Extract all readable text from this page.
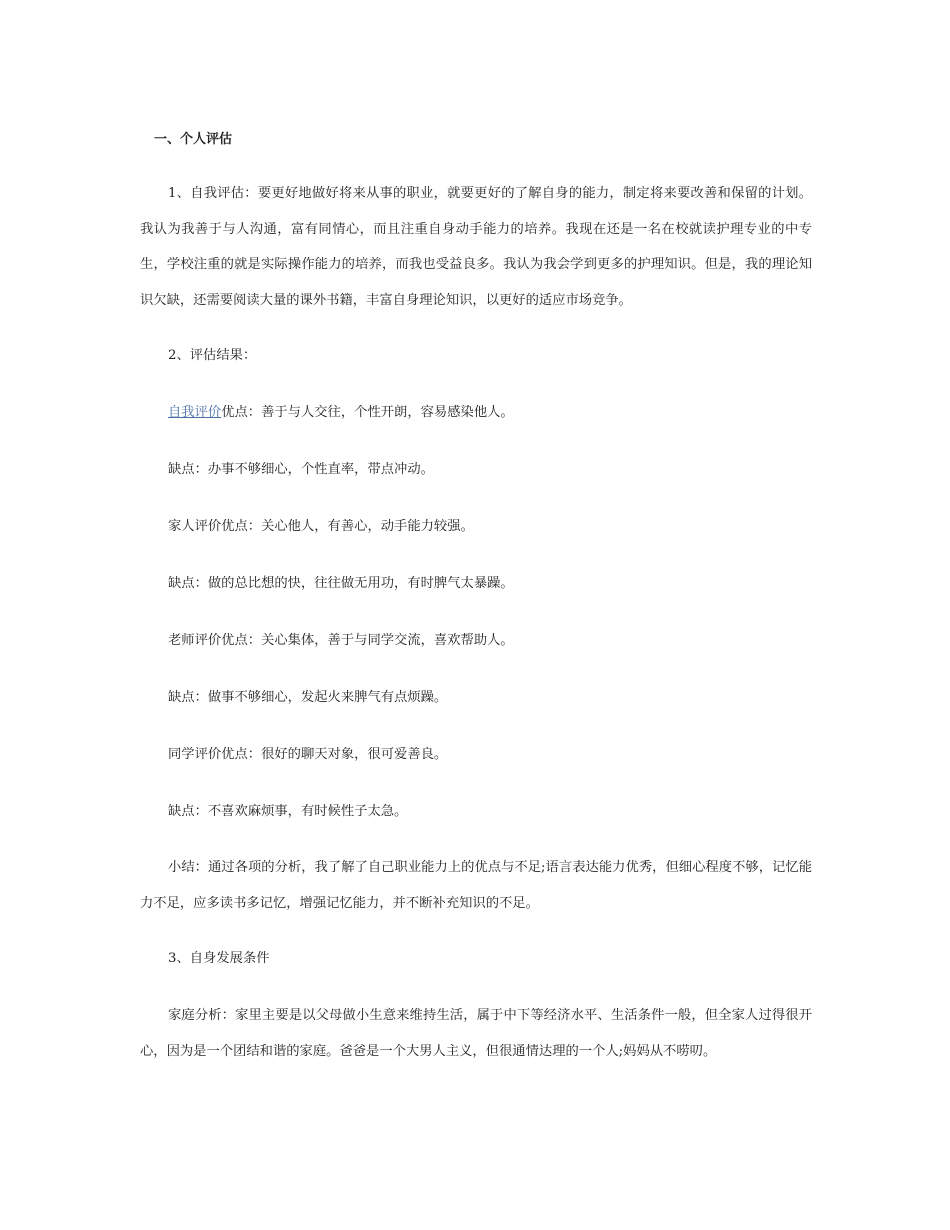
一、个人评估
1、自我评估：要更好地做好将来从事的职业，就要更好的了解自身的能力，制定将来要改善和保留的计划。我认为我善于与人沟通，富有同情心，而且注重自身动手能力的培养。我现在还是一名在校就读护理专业的中专生，学校注重的就是实际操作能力的培养，而我也受益良多。我认为我会学到更多的护理知识。但是，我的理论知识欠缺，还需要阅读大量的课外书籍，丰富自身理论知识，以更好的适应市场竞争。
2、评估结果：
自我评价优点：善于与人交往，个性开朗，容易感染他人。
缺点：办事不够细心，个性直率，带点冲动。
家人评价优点：关心他人，有善心，动手能力较强。
缺点：做的总比想的快，往往做无用功，有时脾气太暴躁。
老师评价优点：关心集体，善于与同学交流，喜欢帮助人。
缺点：做事不够细心，发起火来脾气有点烦躁。
同学评价优点：很好的聊天对象，很可爱善良。
缺点：不喜欢麻烦事，有时候性子太急。
小结：通过各项的分析，我了解了自己职业能力上的优点与不足;语言表达能力优秀，但细心程度不够，记忆能力不足，应多读书多记忆，增强记忆能力，并不断补充知识的不足。
3、自身发展条件
家庭分析：家里主要是以父母做小生意来维持生活，属于中下等经济水平、生活条件一般，但全家人过得很开心，因为是一个团结和谐的家庭。爸爸是一个大男人主义，但很通情达理的一个人;妈妈从不唠叨。
